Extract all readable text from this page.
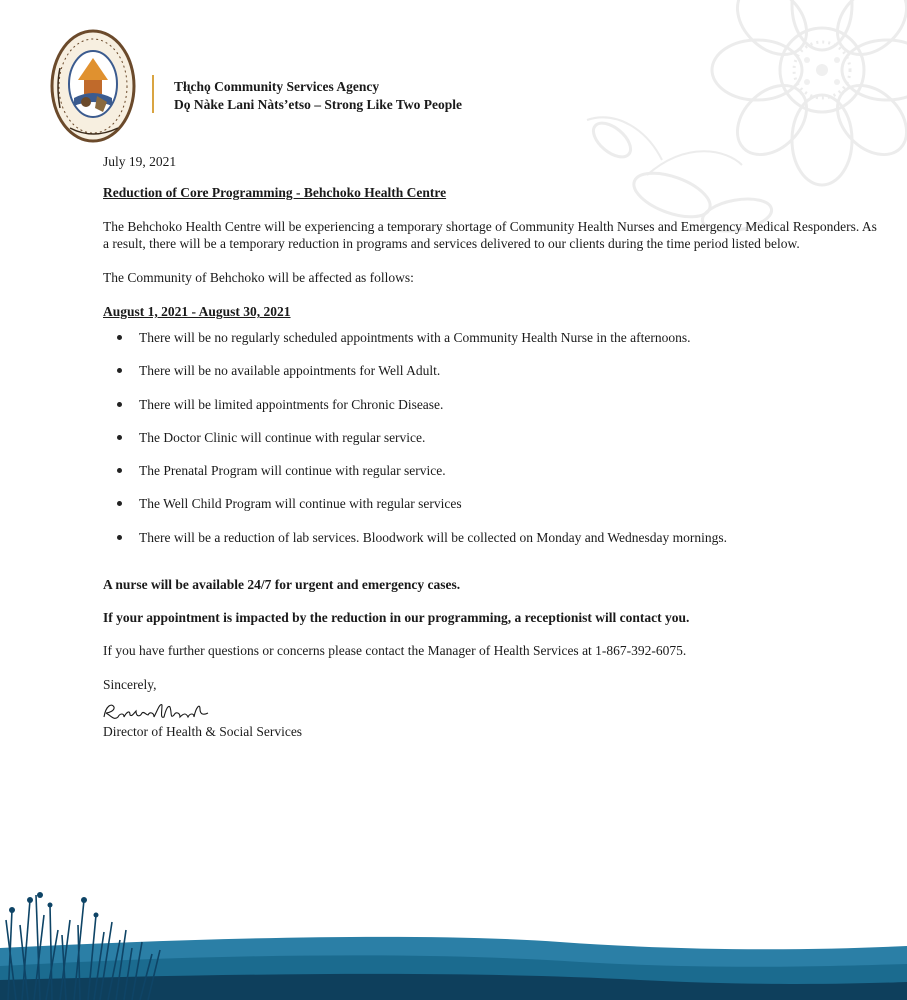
Tłı̨chǫ Community Services Agency
Dǫ Nàke Lani Nàts’etso – Strong Like Two People

July 19, 2021

Reduction of Core Programming - Behchoko Health Centre

The Behchoko Health Centre will be experiencing a temporary shortage of Community Health Nurses and Emergency Medical Responders. As a result, there will be a temporary reduction in programs and services delivered to our clients during the time period listed below.

The Community of Behchoko will be affected as follows:

August 1, 2021 - August 30, 2021

There will be no regularly scheduled appointments with a Community Health Nurse in the afternoons.
There will be no available appointments for Well Adult.
There will be limited appointments for Chronic Disease.
The Doctor Clinic will continue with regular service.
The Prenatal Program will continue with regular service.
The Well Child Program will continue with regular services
There will be a reduction of lab services. Bloodwork will be collected on Monday and Wednesday mornings.

A nurse will be available 24/7 for urgent and emergency cases.

If your appointment is impacted by the reduction in our programming, a receptionist will contact you.

If you have further questions or concerns please contact the Manager of Health Services at 1-867-392-6075.

Sincerely,

Director of Health & Social Services
